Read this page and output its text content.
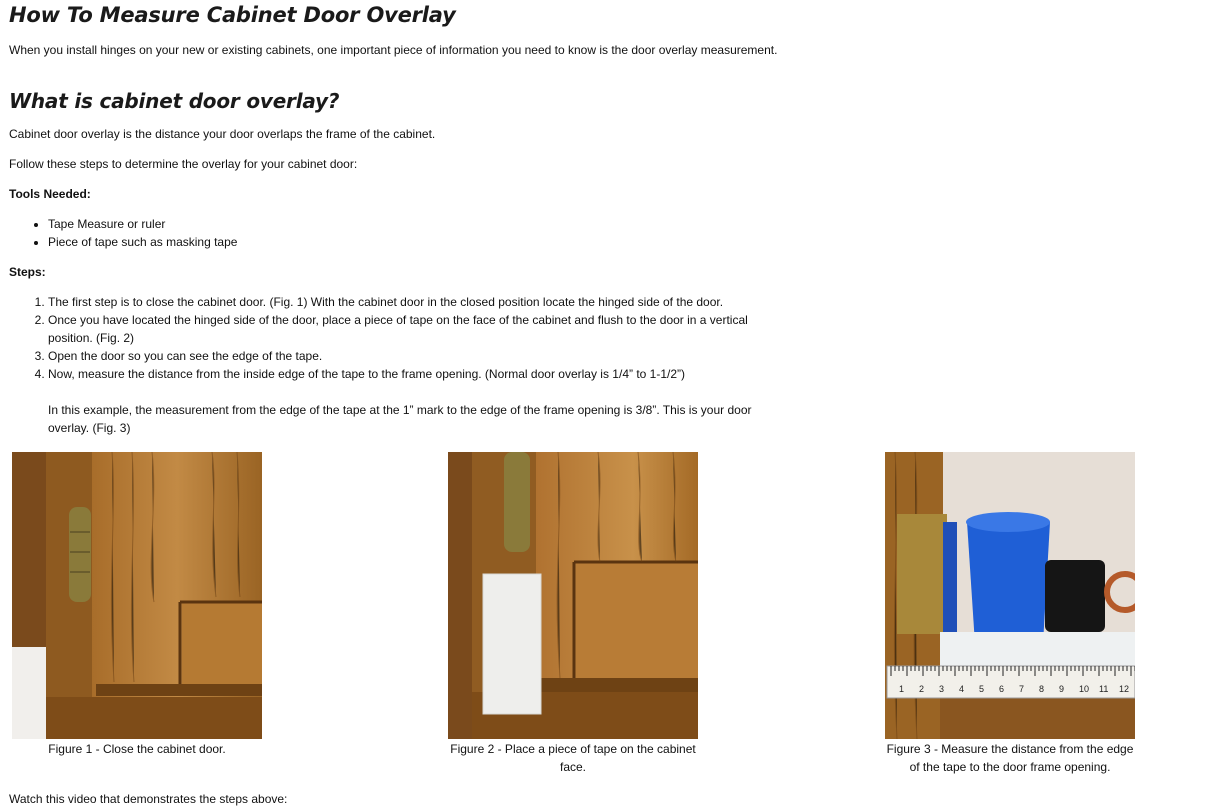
How To Measure Cabinet Door Overlay

When you install hinges on your new or existing cabinets, one important piece of information you need to know is the door overlay measurement.

What is cabinet door overlay?

Cabinet door overlay is the distance your door overlaps the frame of the cabinet.

Follow these steps to determine the overlay for your cabinet door:

Tools Needed:

• Tape Measure or ruler
• Piece of tape such as masking tape

Steps:

1. The first step is to close the cabinet door. (Fig. 1) With the cabinet door in the closed position locate the hinged side of the door.
2. Once you have located the hinged side of the door, place a piece of tape on the face of the cabinet and flush to the door in a vertical position. (Fig. 2)
3. Open the door so you can see the edge of the tape.
4. Now, measure the distance from the inside edge of the tape to the frame opening. (Normal door overlay is 1/4” to 1-1/2”)

In this example, the measurement from the edge of the tape at the 1” mark to the edge of the frame opening is 3/8”. This is your door overlay. (Fig. 3)

Figure 1 - Close the cabinet door.	Figure 2 - Place a piece of tape on the cabinet face.

1 2 3 4 5 6 7 8 9 10 11 12

Figure 3 - Measure the distance from the edge of the tape to the door frame opening.

Watch this video that demonstrates the steps above:
